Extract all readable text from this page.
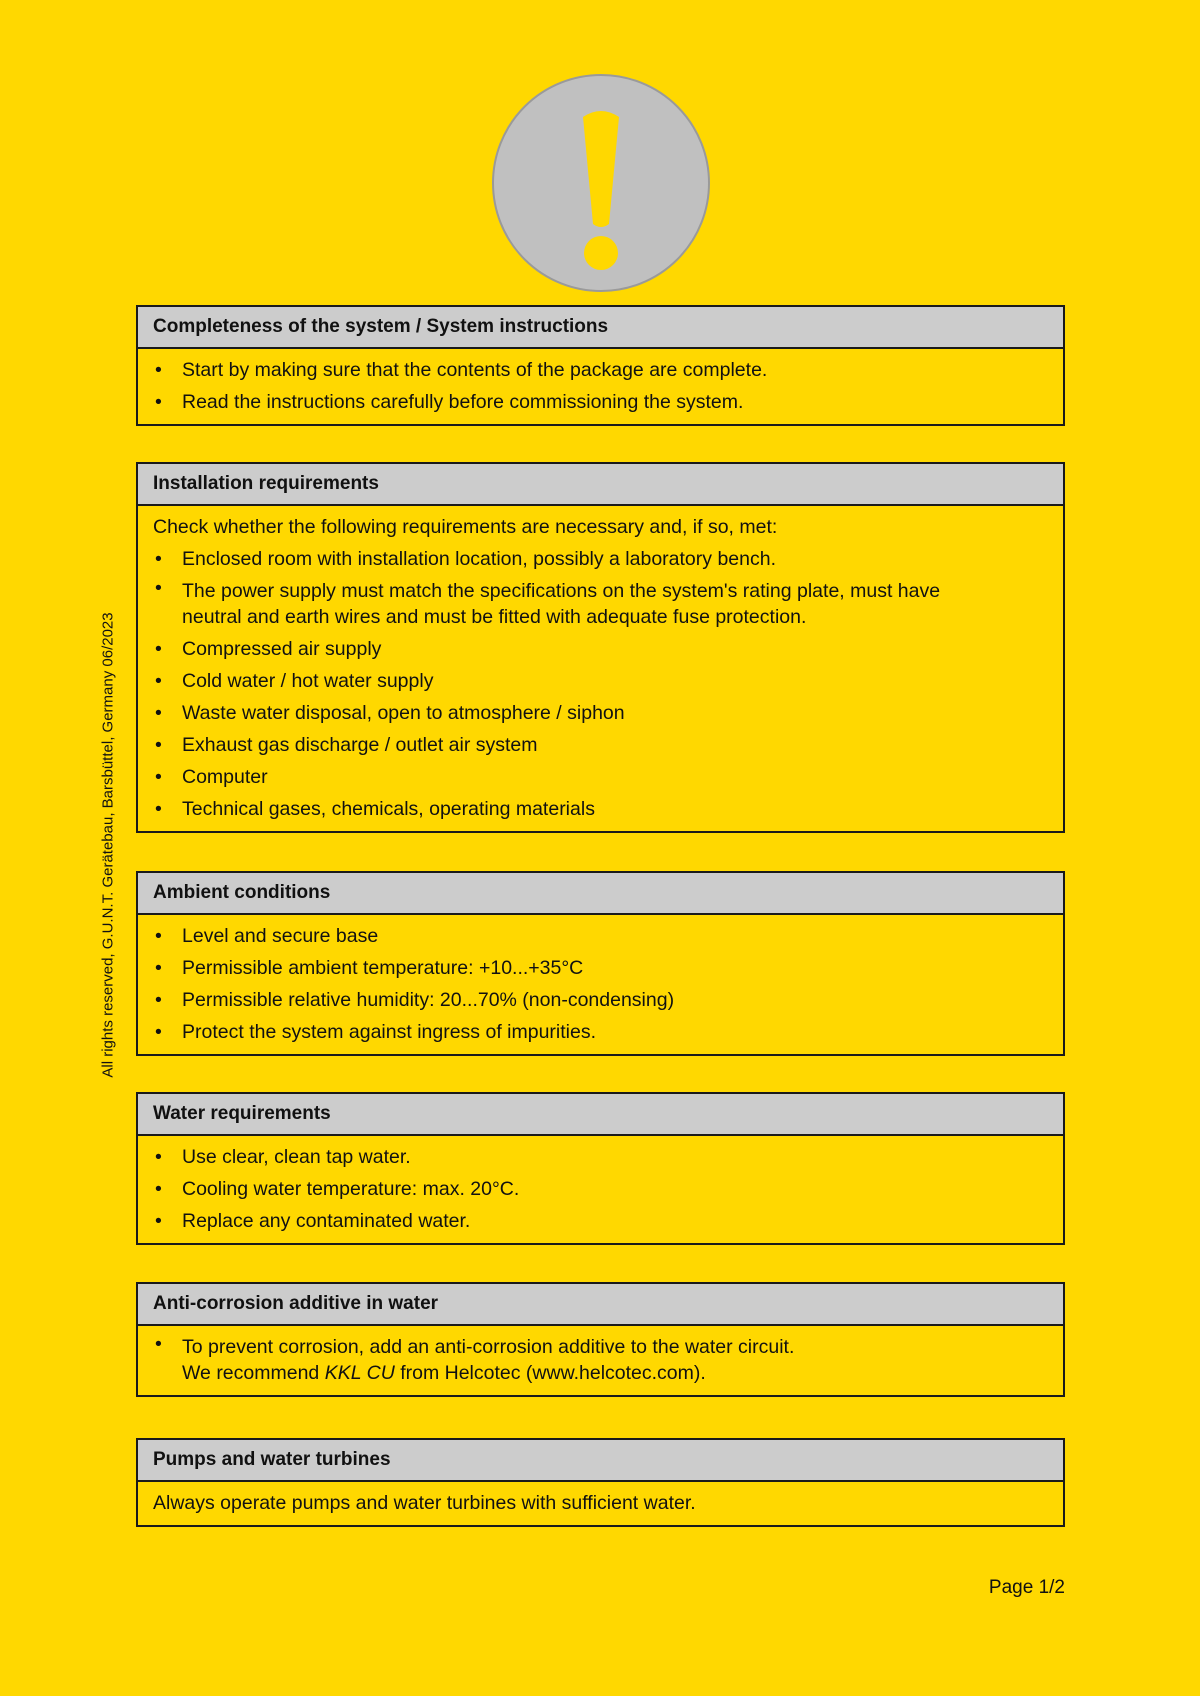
All rights reserved, G.U.N.T. Gerätebau, Barsbüttel, Germany 06/2023
Completeness of the system / System instructions
• Start by making sure that the contents of the package are complete.
• Read the instructions carefully before commissioning the system.
Installation requirements

Check whether the following requirements are necessary and, if so, met:

• Enclosed room with installation location, possibly a laboratory bench.
• The power supply must match the specifications on the system's rating plate, must have
neutral and earth wires and must be fitted with adequate fuse protection.
• Compressed air supply
• Cold water / hot water supply
• Waste water disposal, open to atmosphere / siphon
• Exhaust gas discharge / outlet air system
• Computer
• Technical gases, chemicals, operating materials
Ambient conditions
• Level and secure base
• Permissible ambient temperature: +10...+35°C
• Permissible relative humidity: 20...70% (non-condensing)
• Protect the system against ingress of impurities.
Water requirements
• Use clear, clean tap water.
• Cooling water temperature: max. 20°C.
• Replace any contaminated water.
Anti-corrosion additive in water
• To prevent corrosion, add an anti-corrosion additive to the water circuit.
We recommend KKL CU from Helcotec (www.helcotec.com).
Pumps and water turbines

Always operate pumps and water turbines with sufficient water.

Page 1/2
